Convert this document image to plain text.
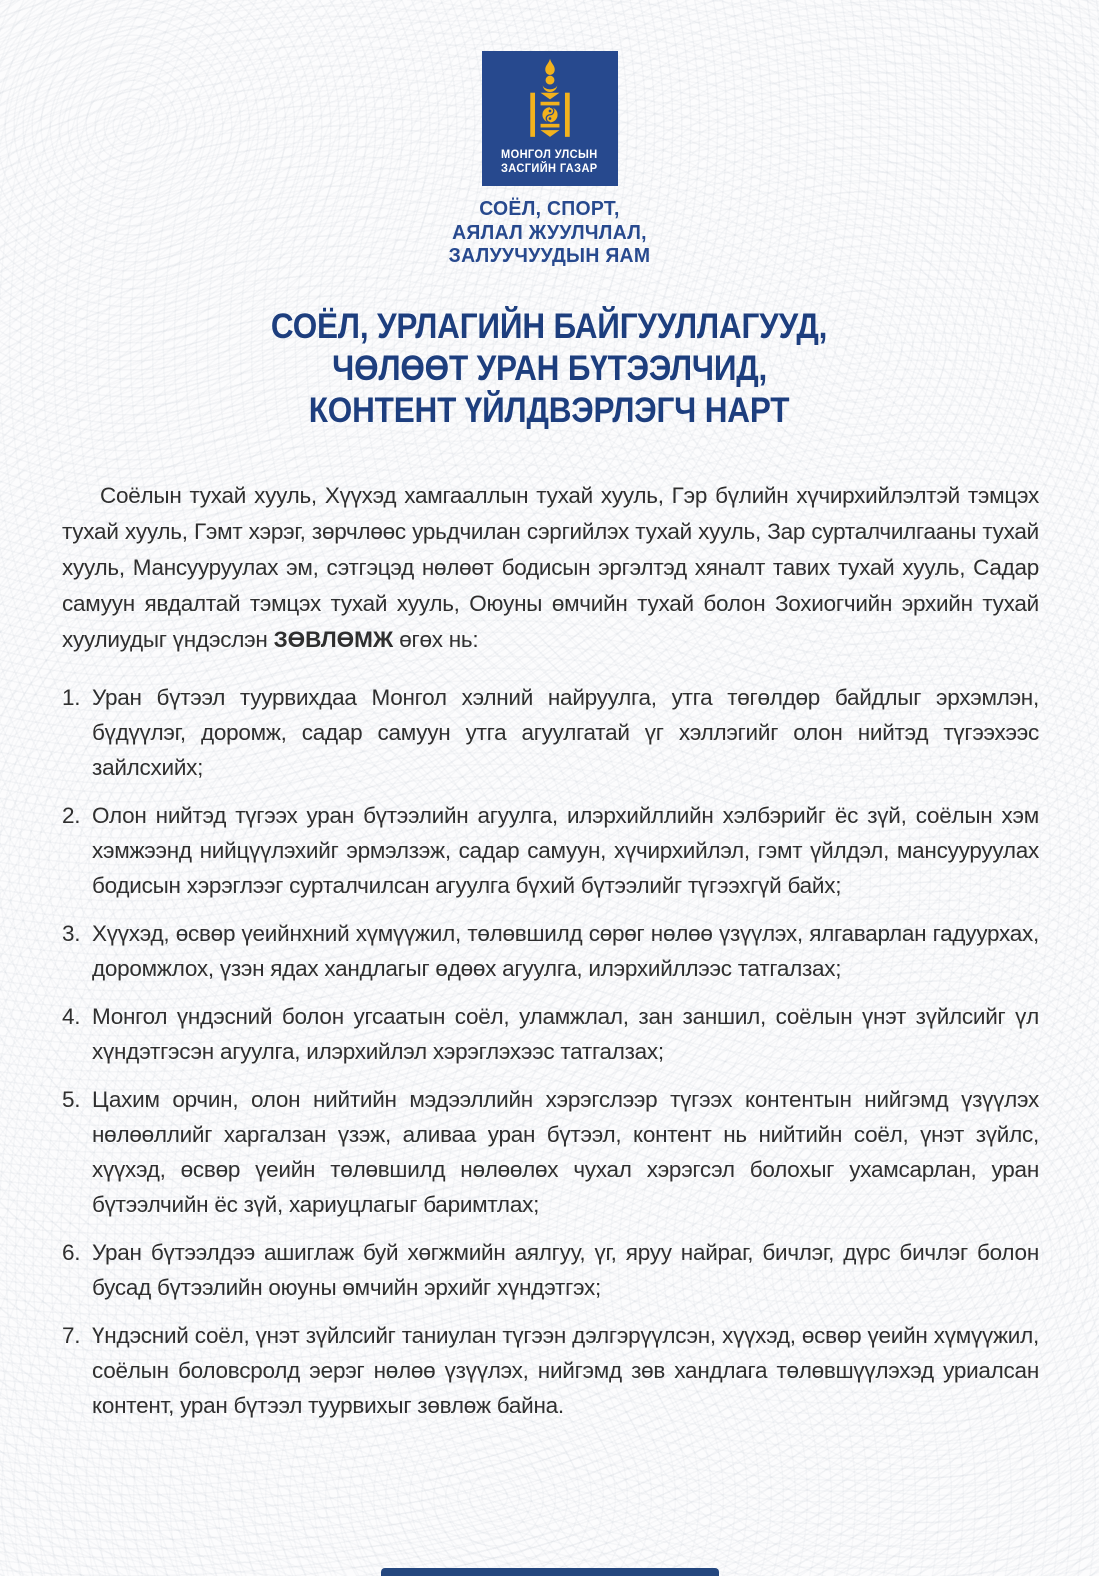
МОНГОЛ УЛСЫН
ЗАСГИЙН ГАЗАР
СОЁЛ, СПОРТ,
АЯЛАЛ ЖУУЛЧЛАЛ,
ЗАЛУУЧУУДЫН ЯАМ
СОЁЛ, УРЛАГИЙН БАЙГУУЛЛАГУУД,
ЧӨЛӨӨТ УРАН БҮТЭЭЛЧИД,
КОНТЕНТ ҮЙЛДВЭРЛЭГЧ НАРТ

Соёлын тухай хууль, Хүүхэд хамгааллын тухай хууль, Гэр бүлийн хүчирхийлэлтэй тэмцэх тухай хууль, Гэмт хэрэг, зөрчлөөс урьдчилан сэргийлэх тухай хууль, Зар сурталчилгааны тухай хууль, Мансууруулах эм, сэтгэцэд нөлөөт бодисын эргэлтэд хяналт тавих тухай хууль, Садар самуун явдалтай тэмцэх тухай хууль, Оюуны өмчийн тухай болон Зохиогчийн эрхийн тухай хуулиудыг үндэслэн ЗӨВЛӨМЖ өгөх нь:

1. Уран бүтээл туурвихдаа Монгол хэлний найруулга, утга төгөлдөр байдлыг эрхэмлэн, бүдүүлэг, доромж, садар самуун утга агуулгатай үг хэллэгийг олон нийтэд түгээхээс зайлсхийх;
2. Олон нийтэд түгээх уран бүтээлийн агуулга, илэрхийллийн хэлбэрийг ёс зүй, соёлын хэм хэмжээнд нийцүүлэхийг эрмэлзэж, садар самуун, хүчирхийлэл, гэмт үйлдэл, мансууруулах бодисын хэрэглээг сурталчилсан агуулга бүхий бүтээлийг түгээхгүй байх;
3. Хүүхэд, өсвөр үеийнхний хүмүүжил, төлөвшилд сөрөг нөлөө үзүүлэх, ялгаварлан гадуурхах, доромжлох, үзэн ядах хандлагыг өдөөх агуулга, илэрхийллээс татгалзах;
4. Монгол үндэсний болон угсаатын соёл, уламжлал, зан заншил, соёлын үнэт зүйлсийг үл хүндэтгэсэн агуулга, илэрхийлэл хэрэглэхээс татгалзах;
5. Цахим орчин, олон нийтийн мэдээллийн хэрэгслээр түгээх контентын нийгэмд үзүүлэх нөлөөллийг харгалзан үзэж, аливаа уран бүтээл, контент нь нийтийн соёл, үнэт зүйлс, хүүхэд, өсвөр үеийн төлөвшилд нөлөөлөх чухал хэрэгсэл болохыг ухамсарлан, уран бүтээлчийн ёс зүй, хариуцлагыг баримтлах;
6. Уран бүтээлдээ ашиглаж буй хөгжмийн аялгуу, үг, яруу найраг, бичлэг, дүрс бичлэг болон бусад бүтээлийн оюуны өмчийн эрхийг хүндэтгэх;
7. Үндэсний соёл, үнэт зүйлсийг таниулан түгээн дэлгэрүүлсэн, хүүхэд, өсвөр үеийн хүмүүжил, соёлын боловсролд эерэг нөлөө үзүүлэх, нийгэмд зөв хандлага төлөвшүүлэхэд уриалсан контент, уран бүтээл туурвихыг зөвлөж байна.
